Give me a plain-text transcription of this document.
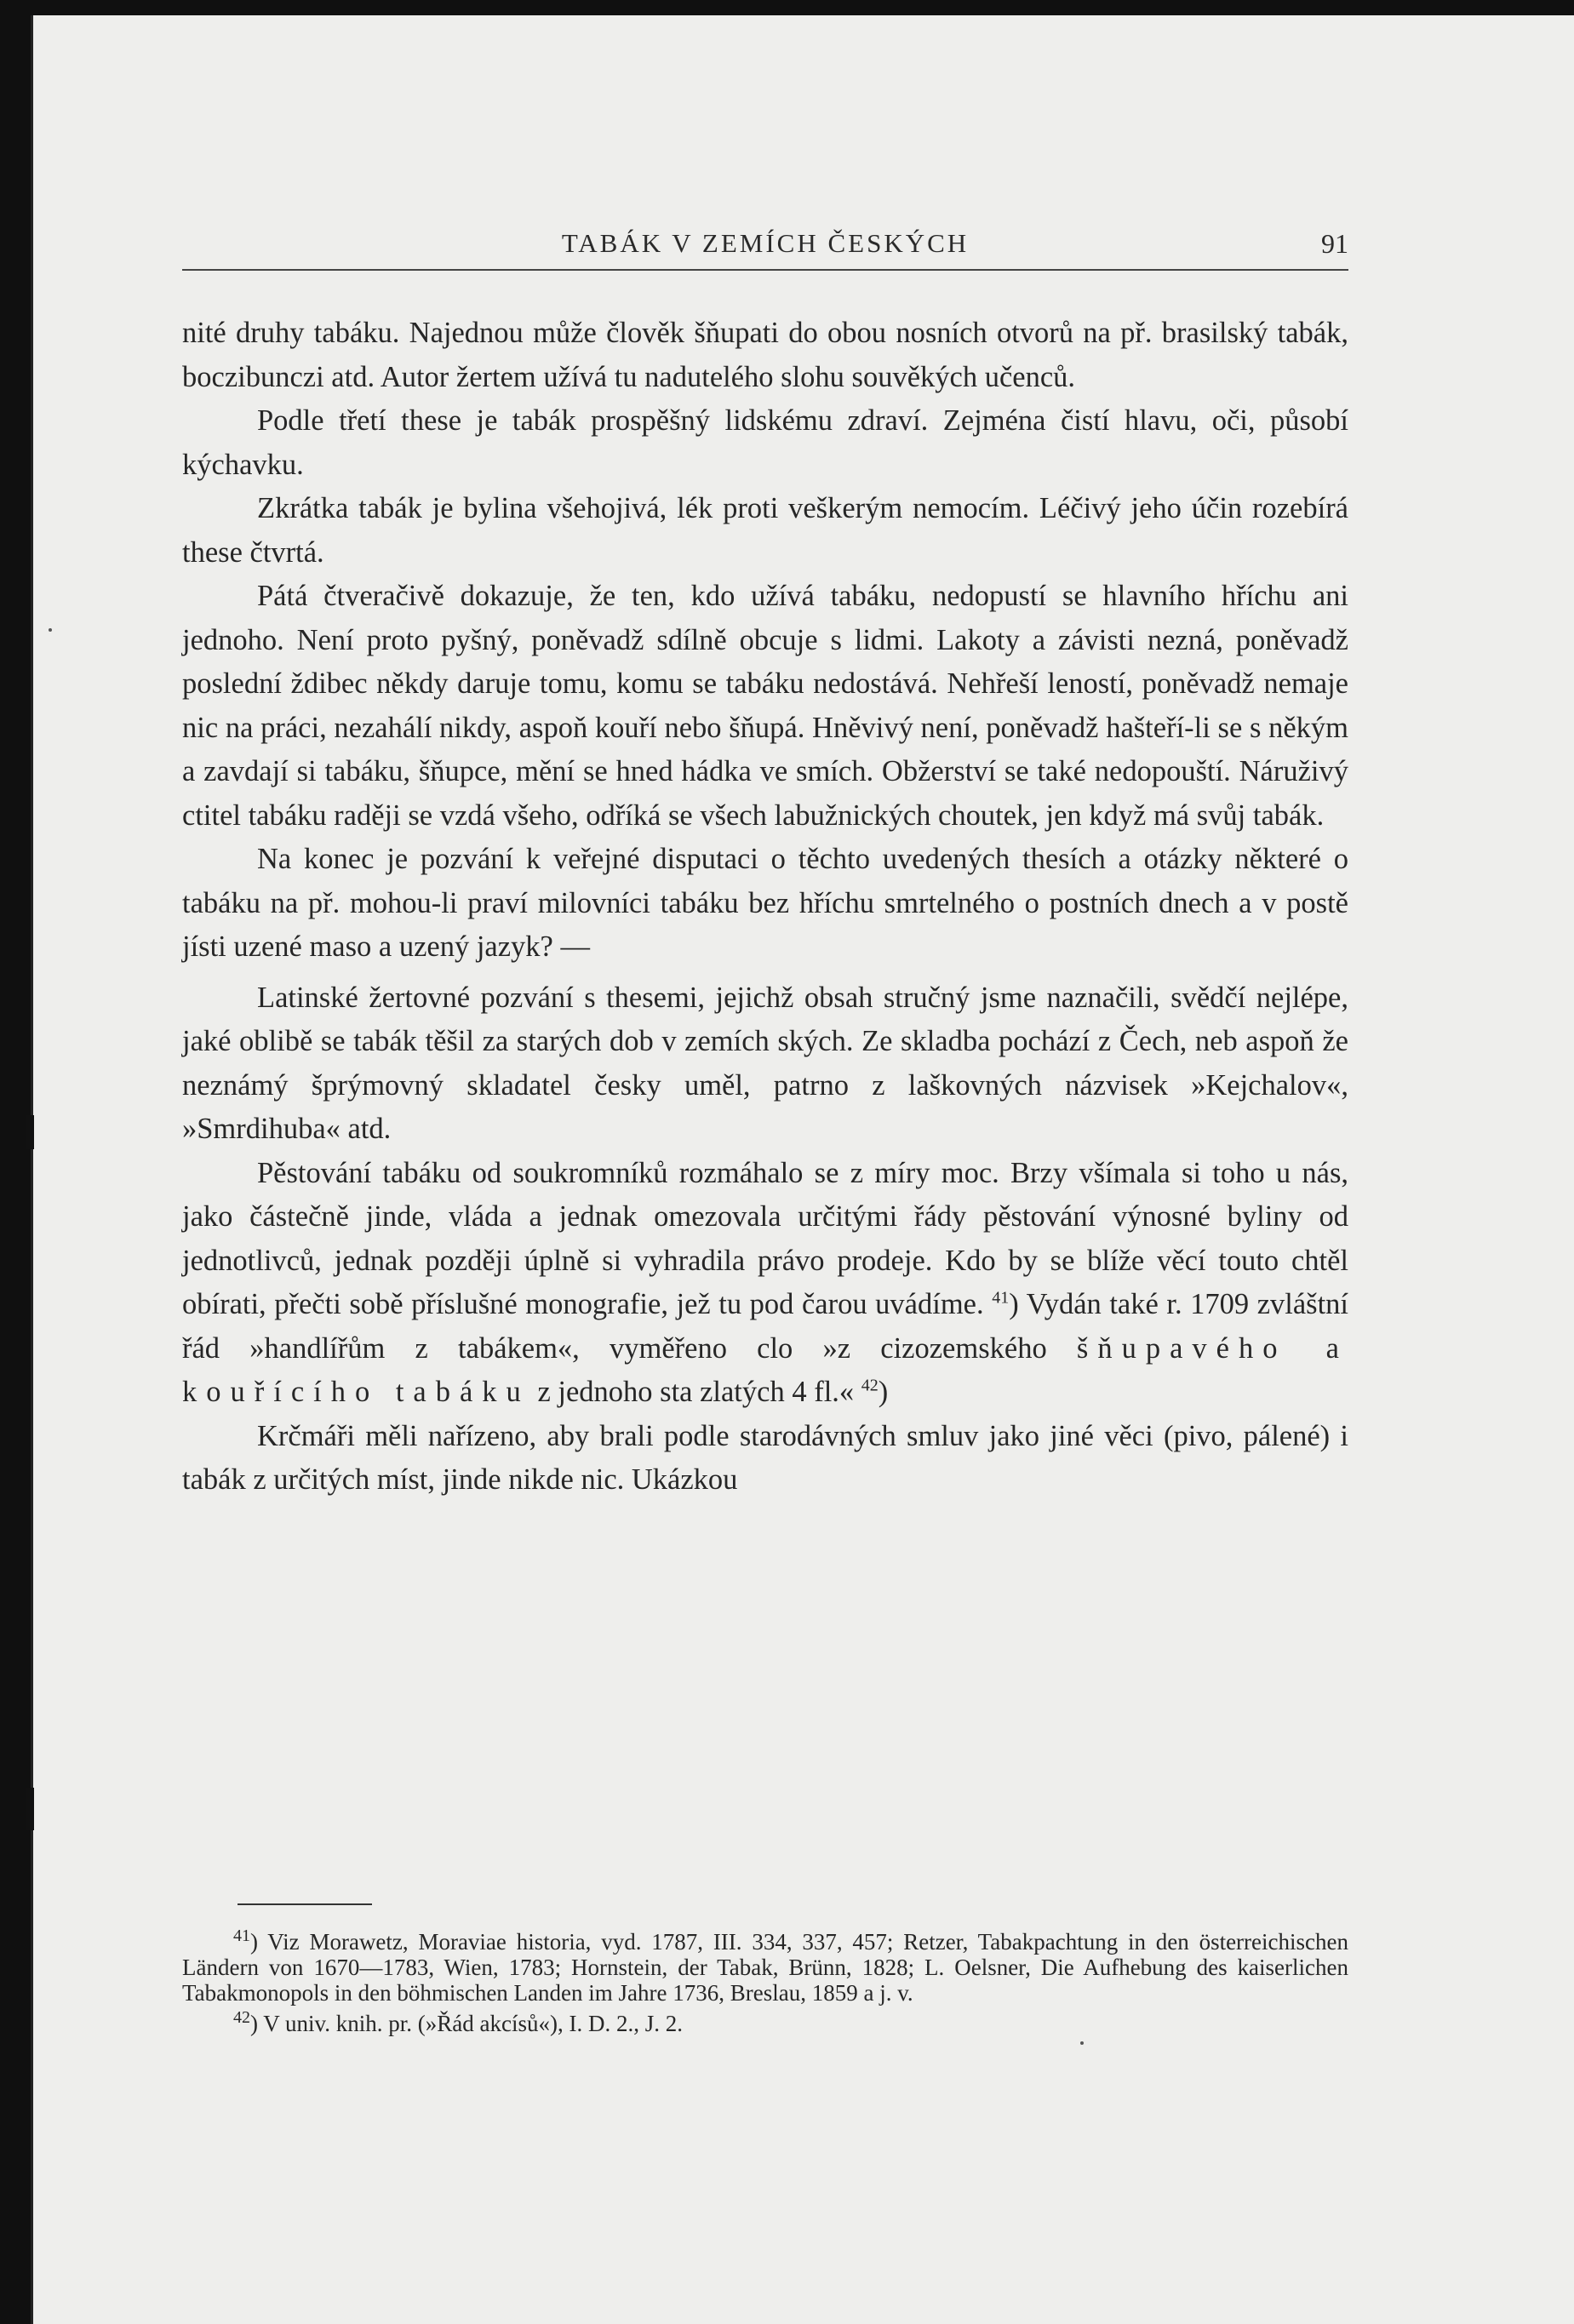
TABÁK V ZEMÍCH ČESKÝCH	91

nité druhy tabáku. Najednou může člověk šňupati do obou nosních otvorů na př. brasilský tabák, boczibunczi atd. Autor žertem užívá tu nadutelého slohu souvěkých učenců.

Podle třetí these je tabák prospěšný lidskému zdraví. Zejména čistí hlavu, oči, působí kýchavku.

Zkrátka tabák je bylina všehojivá, lék proti veškerým nemocím. Léčivý jeho účin rozebírá these čtvrtá.

Pátá čtveračivě dokazuje, že ten, kdo užívá tabáku, nedopustí se hlavního hříchu ani jednoho. Není proto pyšný, poněvadž sdílně obcuje s lidmi. Lakoty a závisti nezná, poněvadž poslední ždibec někdy daruje tomu, komu se tabáku nedostává. Nehřeší leností, poněvadž nemaje nic na práci, nezahálí nikdy, aspoň kouří nebo šňupá. Hněvivý není, poněvadž hašteří-li se s někým a zavdají si tabáku, šňupce, mění se hned hádka ve smích. Obžerství se také nedopouští. Náruživý ctitel tabáku raději se vzdá všeho, odříká se všech labužnických choutek, jen když má svůj tabák.

Na konec je pozvání k veřejné disputaci o těchto uvedených thesích a otázky některé o tabáku na př. mohou-li praví milovníci tabáku bez hříchu smrtelného o postních dnech a v postě jísti uzené maso a uzený jazyk? —

Latinské žertovné pozvání s thesemi, jejichž obsah stručný jsme naznačili, svědčí nejlépe, jaké oblibě se tabák těšil za starých dob v zemích ských. Ze skladba pochází z Čech, neb aspoň že neznámý šprýmovný skladatel česky uměl, patrno z laškovných názvisek »Kejchalov«, »Smrdihuba« atd.

Pěstování tabáku od soukromníků rozmáhalo se z míry moc. Brzy všímala si toho u nás, jako částečně jinde, vláda a jednak omezovala určitými řády pěstování výnosné byliny od jednotlivců, jednak později úplně si vyhradila právo prodeje. Kdo by se blíže věcí touto chtěl obírati, přečti sobě příslušné monografie, jež tu pod čarou uvádíme. $^{41}$) Vydán také r. 1709 zvláštní řád »handlířům z tabákem«, vyměřeno clo »z cizozemského šňupavého a kouřícího tabáku z jednoho sta zlatých 4 fl.« $^{42}$)

Krčmáři měli nařízeno, aby brali podle starodávných smluv jako jiné věci (pivo, pálené) i tabák z určitých míst, jinde nikde nic. Ukázkou

$^{41}$) Viz Morawetz, Moraviae historia, vyd. 1787, III. 334, 337, 457; Retzer, Tabakpachtung in den österreichischen Ländern von 1670—1783, Wien, 1783; Hornstein, der Tabak, Brünn, 1828; L. Oelsner, Die Aufhebung des kaiserlichen Tabakmonopols in den böhmischen Landen im Jahre 1736, Breslau, 1859 a j. v.

$^{42}$) V univ. knih. pr. (»Řád akcísů«), I. D. 2., J. 2.
